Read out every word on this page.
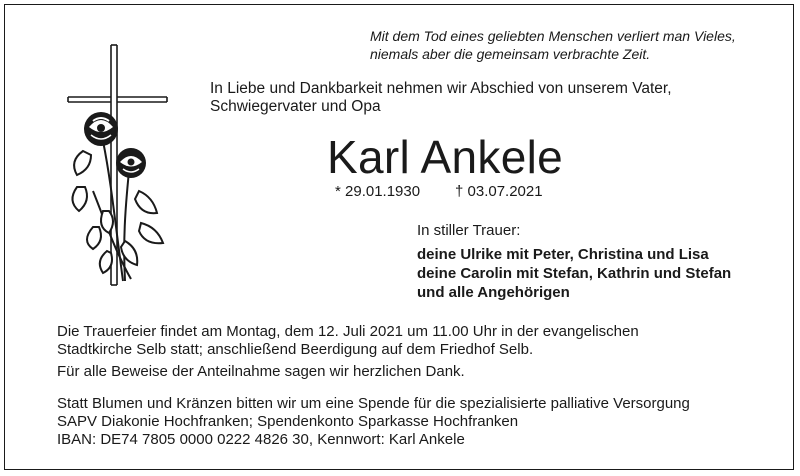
Mit dem Tod eines geliebten Menschen verliert man Vieles,
niemals aber die gemeinsam verbrachte Zeit.
In Liebe und Dankbarkeit nehmen wir Abschied von unserem Vater,
Schwiegervater und Opa
Karl Ankele
* 29.01.1930 † 03.07.2021
In stiller Trauer:
deine Ulrike mit Peter, Christina und Lisa
deine Carolin mit Stefan, Kathrin und Stefan
und alle Angehörigen
Die Trauerfeier findet am Montag, dem 12. Juli 2021 um 11.00 Uhr in der evangelischen
Stadtkirche Selb statt; anschließend Beerdigung auf dem Friedhof Selb.
Für alle Beweise der Anteilnahme sagen wir herzlichen Dank.
Statt Blumen und Kränzen bitten wir um eine Spende für die spezialisierte palliative Versorgung
SAPV Diakonie Hochfranken; Spendenkonto Sparkasse Hochfranken
IBAN: DE74 7805 0000 0222 4826 30, Kennwort: Karl Ankele
